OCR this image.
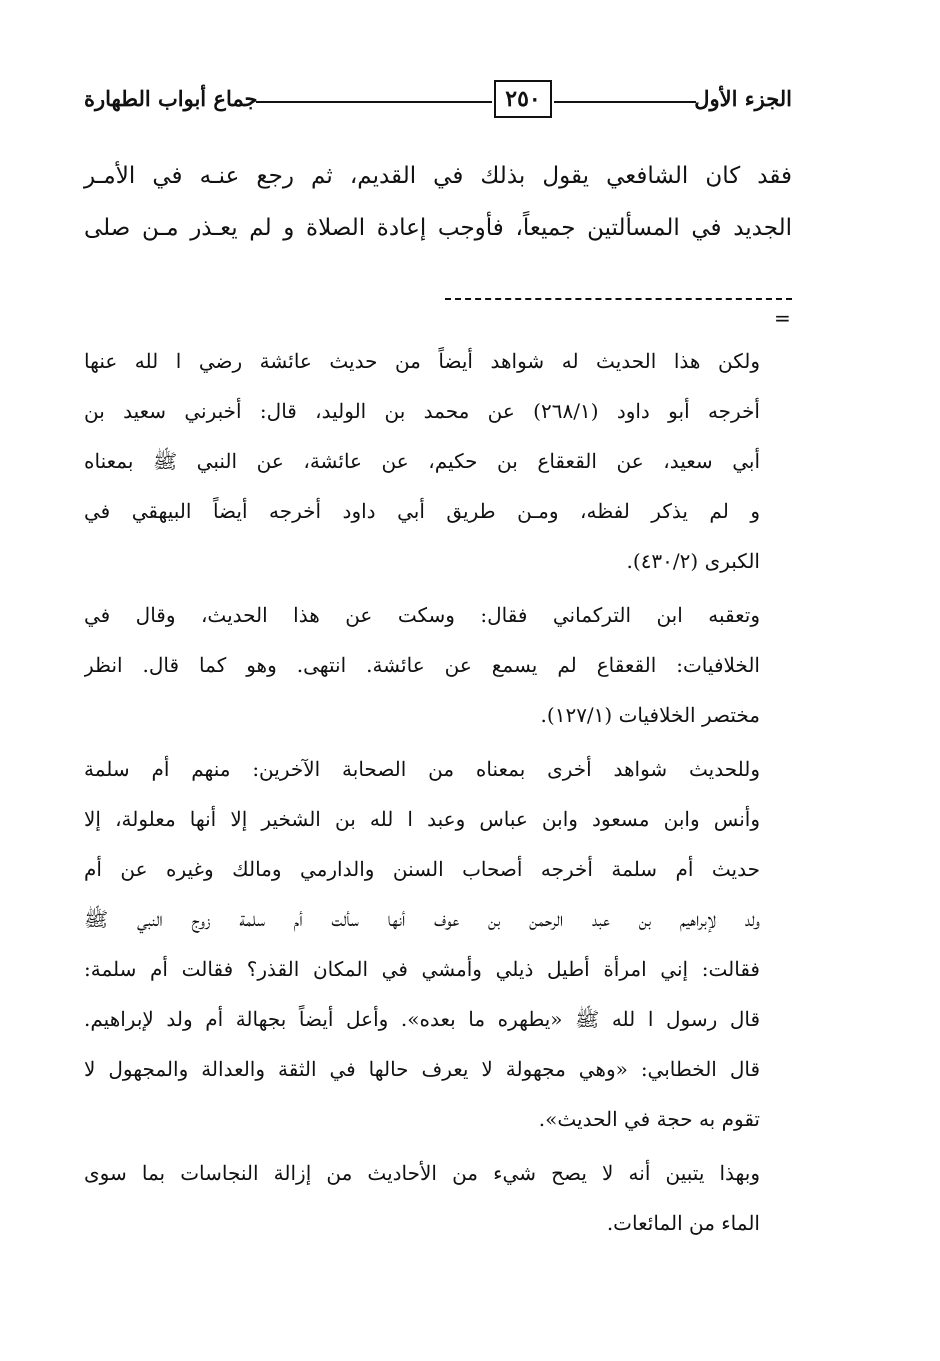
الجزء الأول
٢٥٠
جماع أبواب الطهارة
فقد كان الشافعي يقول بذلك في القديم، ثم رجع عنـه في الأمـر
الجديد في المسألتين جميعاً، فأوجب إعادة الصلاة و لم يعـذر مـن صلى
=
ولكن هذا الحديث له شواهد أيضاً من حديث عائشة رضي ا لله عنها
أخرجه أبو داود (٢٦٨/١) عن محمد بن الوليد، قال: أخبرني سعيد بن
أبي سعيد، عن القعقاع بن حكيم، عن عائشة، عن النبي ﷺ بمعناه
و لم يذكر لفظه، ومـن طريق أبي داود أخرجه أيضاً البيهقي في
الكبرى (٤٣٠/٢).
وتعقبه ابن التركماني فقال: وسكت عن هذا الحديث، وقال في
الخلافيات: القعقاع لم يسمع عن عائشة. انتهى. وهو كما قال. انظر
مختصر الخلافيات (١٢٧/١).
وللحديث شواهد أخرى بمعناه من الصحابة الآخرين: منهم أم سلمة
وأنس وابن مسعود وابن عباس وعبد ا لله بن الشخير إلا أنها معلولة، إلا
حديث أم سلمة أخرجه أصحاب السنن والدارمي ومالك وغيره عن أم
ولد لإبراهيم بن عبد الرحمن بن عوف أنها سألت أم سلمة زوج النبي ﷺ
فقالت: إني امرأة أطيل ذيلي وأمشي في المكان القذر؟ فقالت أم سلمة:
قال رسول ا لله ﷺ «يطهره ما بعده». وأعل أيضاً بجهالة أم ولد لإبراهيم.
قال الخطابي: «وهي مجهولة لا يعرف حالها في الثقة والعدالة والمجهول لا
تقوم به حجة في الحديث».
وبهذا يتبين أنه لا يصح شيء من الأحاديث من إزالة النجاسات بما سوى
الماء من المائعات.
